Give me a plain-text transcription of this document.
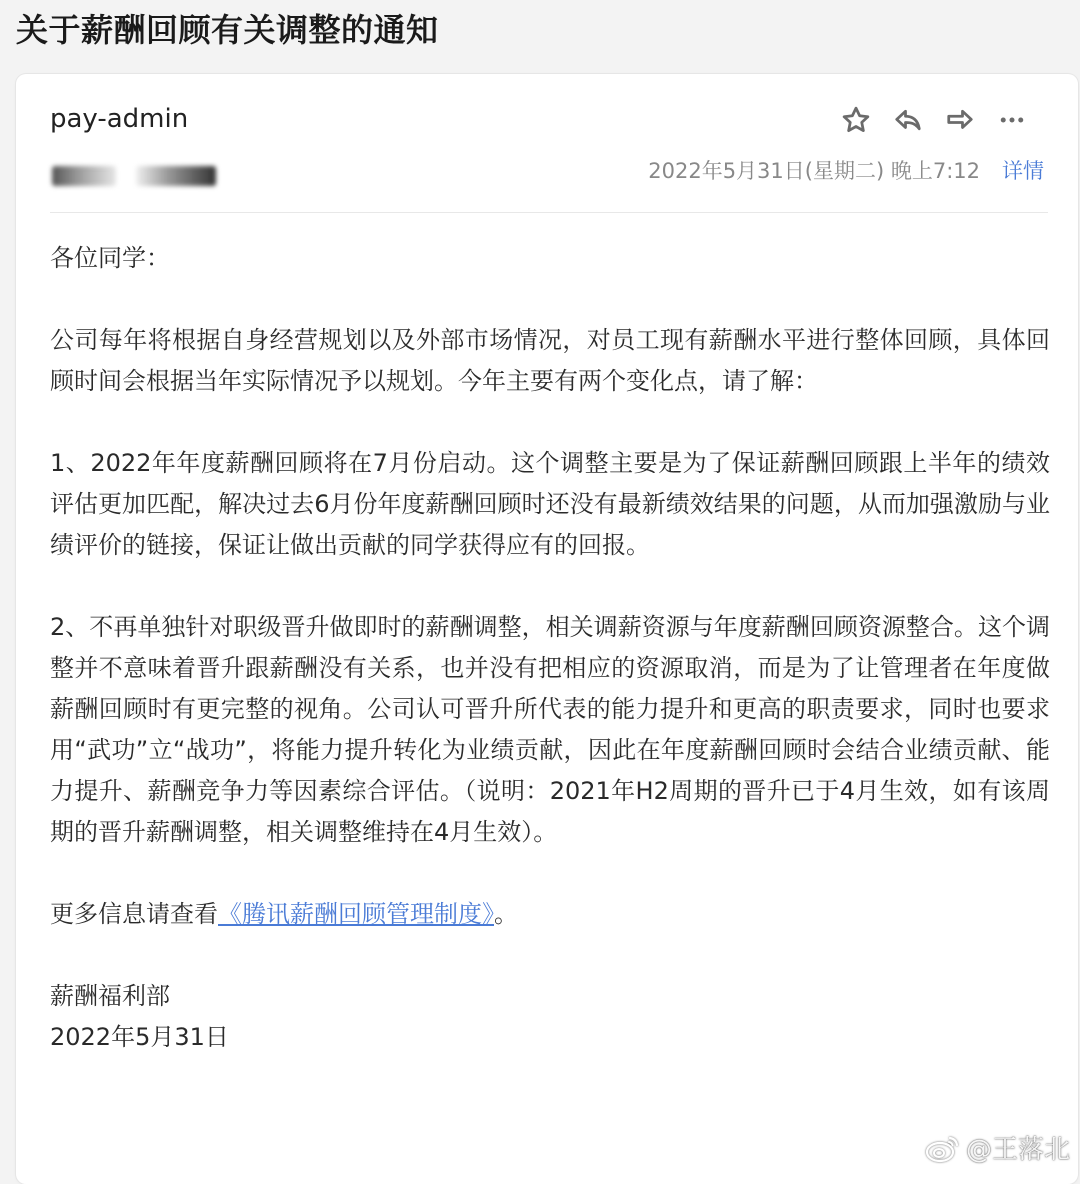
关于薪酬回顾有关调整的通知
pay-admin
2022年5月31日(星期二) 晚上7:12 详情

各位同学：

公司每年将根据自身经营规划以及外部市场情况，对员工现有薪酬水平进行整体回顾，具体回顾时间会根据当年实际情况予以规划。今年主要有两个变化点，请了解：

1、2022年年度薪酬回顾将在7月份启动。这个调整主要是为了保证薪酬回顾跟上半年的绩效评估更加匹配，解决过去6月份年度薪酬回顾时还没有最新绩效结果的问题，从而加强激励与业绩评价的链接，保证让做出贡献的同学获得应有的回报。

2、不再单独针对职级晋升做即时的薪酬调整，相关调薪资源与年度薪酬回顾资源整合。这个调整并不意味着晋升跟薪酬没有关系，也并没有把相应的资源取消，而是为了让管理者在年度做薪酬回顾时有更完整的视角。公司认可晋升所代表的能力提升和更高的职责要求，同时也要求用“武功”立“战功”，将能力提升转化为业绩贡献，因此在年度薪酬回顾时会结合业绩贡献、能力提升、薪酬竞争力等因素综合评估。（说明：2021年H2周期的晋升已于4月生效，如有该周期的晋升薪酬调整，相关调整维持在4月生效）。

更多信息请查看《腾讯薪酬回顾管理制度》。

薪酬福利部

2022年5月31日

@王落北
